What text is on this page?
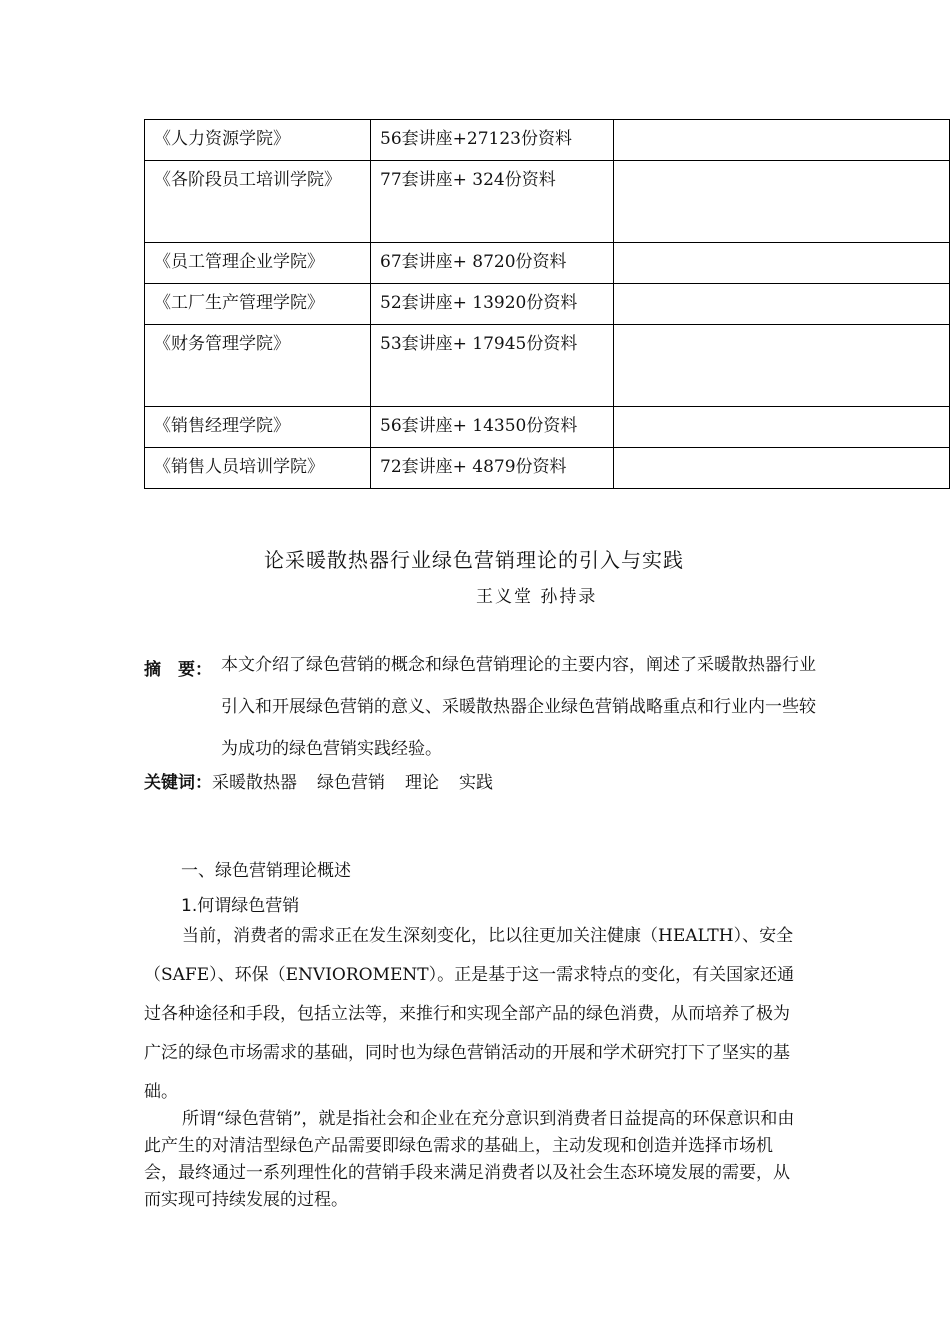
《人力资源学院》	56套讲座+27123份资料	

《各阶段员工培训学院》	77套讲座+ 324份资料	

《员工管理企业学院》	67套讲座+ 8720份资料	

《工厂生产管理学院》	52套讲座+ 13920份资料	

《财务管理学院》	53套讲座+ 17945份资料	

《销售经理学院》	56套讲座+ 14350份资料	

《销售人员培训学院》	72套讲座+ 4879份资料	

论采暖散热器行业绿色营销理论的引入与实践
王义堂 孙持录
摘　要： 本文介绍了绿色营销的概念和绿色营销理论的主要内容，阐述了采暖散热器行业引入和开展绿色营销的意义、采暖散热器企业绿色营销战略重点和行业内一些较为成功的绿色营销实践经验。
关键词：采暖散热器 绿色营销 理论 实践
一、绿色营销理论概述
1.何谓绿色营销
当前，消费者的需求正在发生深刻变化，比以往更加关注健康（HEALTH）、安全（SAFE）、环保（ENVIOROMENT）。正是基于这一需求特点的变化，有关国家还通过各种途径和手段，包括立法等，来推行和实现全部产品的绿色消费，从而培养了极为广泛的绿色市场需求的基础，同时也为绿色营销活动的开展和学术研究打下了坚实的基础。
所谓“绿色营销”，就是指社会和企业在充分意识到消费者日益提高的环保意识和由此产生的对清洁型绿色产品需要即绿色需求的基础上，主动发现和创造并选择市场机会，最终通过一系列理性化的营销手段来满足消费者以及社会生态环境发展的需要，从而实现可持续发展的过程。
